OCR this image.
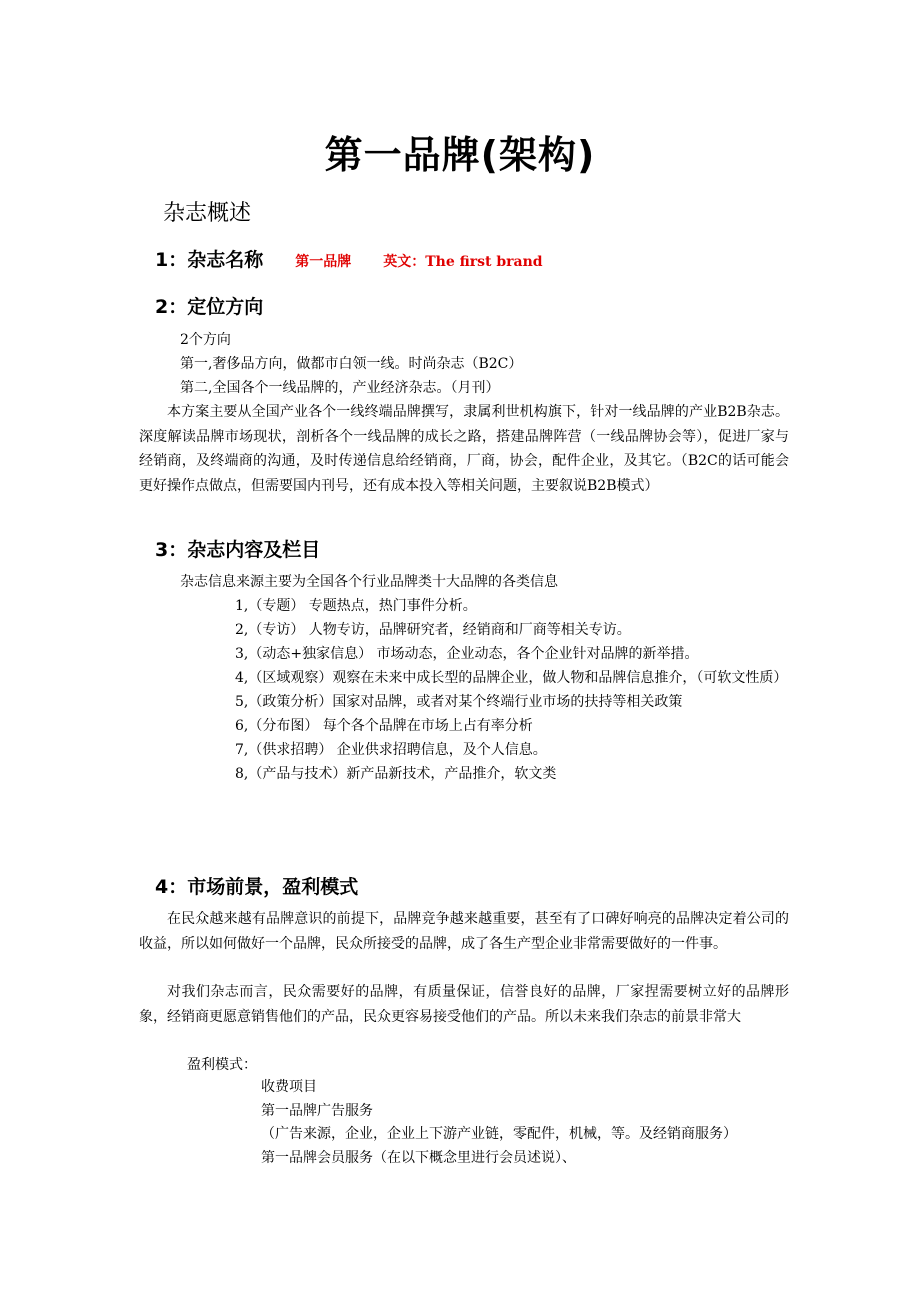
第一品牌(架构)
杂志概述
1：杂志名称 第一品牌 英文：The first brand
2：定位方向
2个方向
第一,奢侈品方向，做都市白领一线。时尚杂志（B2C）
第二,全国各个一线品牌的，产业经济杂志。（月刊）
本方案主要从全国产业各个一线终端品牌撰写，隶属利世机构旗下，针对一线品牌的产业B2B杂志。深度解读品牌市场现状，剖析各个一线品牌的成长之路，搭建品牌阵营（一线品牌协会等），促进厂家与经销商，及终端商的沟通，及时传递信息给经销商，厂商，协会，配件企业，及其它。（B2C的话可能会更好操作点做点，但需要国内刊号，还有成本投入等相关问题，主要叙说B2B模式）
3：杂志内容及栏目
杂志信息来源主要为全国各个行业品牌类十大品牌的各类信息
1,（专题） 专题热点，热门事件分析。
2,（专访） 人物专访，品牌研究者，经销商和厂商等相关专访。
3,（动态+独家信息） 市场动态，企业动态，各个企业针对品牌的新举措。
4,（区域观察）观察在未来中成长型的品牌企业，做人物和品牌信息推介，（可软文性质）
5,（政策分析）国家对品牌，或者对某个终端行业市场的扶持等相关政策
6,（分布图） 每个各个品牌在市场上占有率分析
7,（供求招聘） 企业供求招聘信息，及个人信息。
8,（产品与技术）新产品新技术，产品推介，软文类
4：市场前景，盈利模式
在民众越来越有品牌意识的前提下，品牌竞争越来越重要，甚至有了口碑好响亮的品牌决定着公司的收益，所以如何做好一个品牌，民众所接受的品牌，成了各生产型企业非常需要做好的一件事。
对我们杂志而言，民众需要好的品牌，有质量保证，信誉良好的品牌，厂家捏需要树立好的品牌形象，经销商更愿意销售他们的产品，民众更容易接受他们的产品。所以未来我们杂志的前景非常大
盈利模式：
收费项目
第一品牌广告服务
（广告来源，企业，企业上下游产业链，零配件，机械，等。及经销商服务）
第一品牌会员服务（在以下概念里进行会员述说）、
